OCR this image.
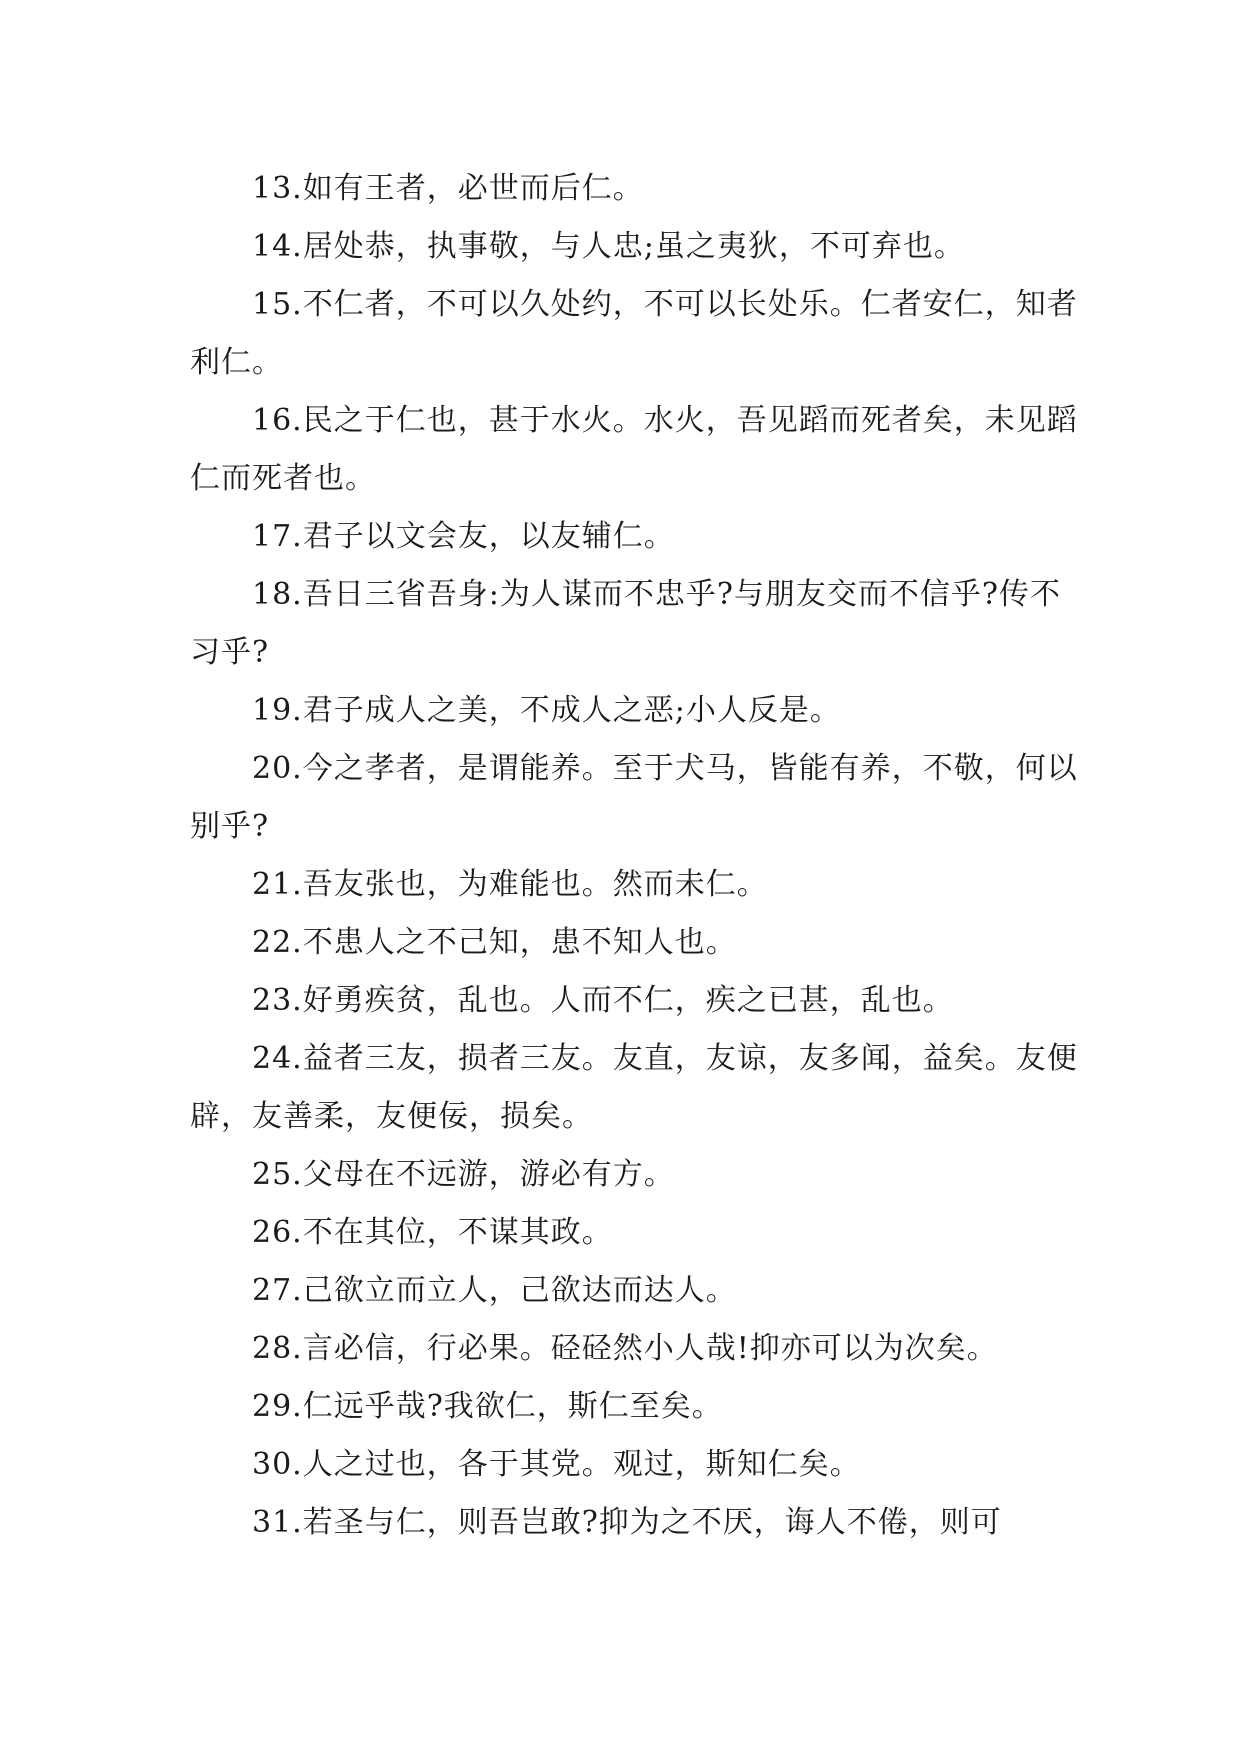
13.如有王者，必世而后仁。

14.居处恭，执事敬，与人忠;虽之夷狄，不可弃也。

15.不仁者，不可以久处约，不可以长处乐。仁者安仁，知者利仁。

16.民之于仁也，甚于水火。水火，吾见蹈而死者矣，未见蹈仁而死者也。

17.君子以文会友，以友辅仁。

18.吾日三省吾身:为人谋而不忠乎?与朋友交而不信乎?传不习乎?

19.君子成人之美，不成人之恶;小人反是。

20.今之孝者，是谓能养。至于犬马，皆能有养，不敬，何以别乎?

21.吾友张也，为难能也。然而未仁。

22.不患人之不己知，患不知人也。

23.好勇疾贫，乱也。人而不仁，疾之已甚，乱也。

24.益者三友，损者三友。友直，友谅，友多闻，益矣。友便辟，友善柔，友便佞，损矣。

25.父母在不远游，游必有方。

26.不在其位，不谋其政。

27.己欲立而立人，己欲达而达人。

28.言必信，行必果。硁硁然小人哉!抑亦可以为次矣。

29.仁远乎哉?我欲仁，斯仁至矣。

30.人之过也，各于其党。观过，斯知仁矣。

31.若圣与仁，则吾岂敢?抑为之不厌，诲人不倦，则可
